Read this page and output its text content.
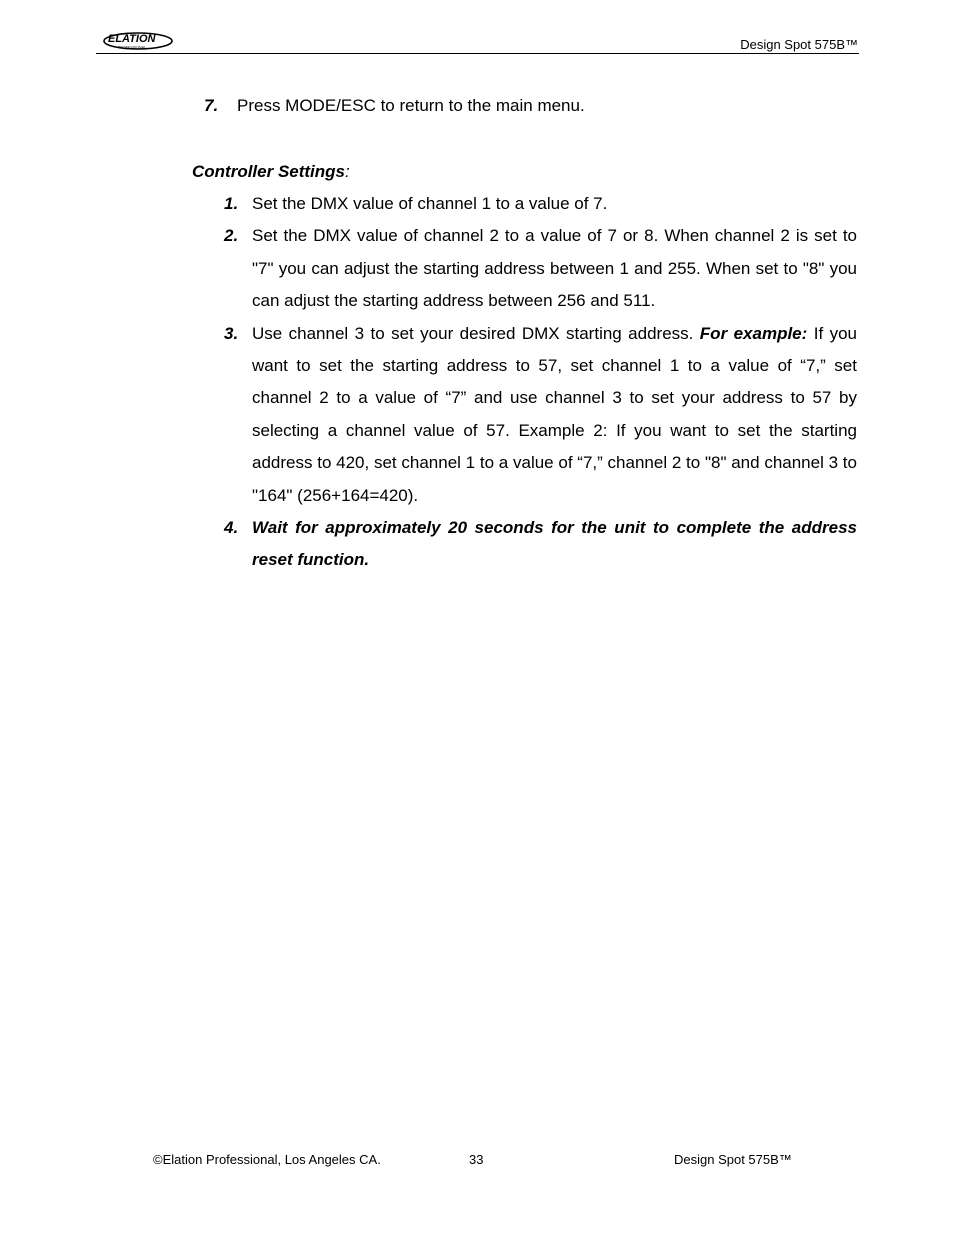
ELATION
PROFESSIONAL	Design Spot 575B™
7. Press MODE/ESC to return to the main menu.
Controller Settings:
1. Set the DMX value of channel 1 to a value of 7.
2. Set the DMX value of channel 2 to a value of 7 or 8. When channel 2 is set to "7" you can adjust the starting address between 1 and 255. When set to "8" you can adjust the starting address between 256 and 511.
3. Use channel 3 to set your desired DMX starting address. For example: If you want to set the starting address to 57, set channel 1 to a value of “7,” set channel 2 to a value of “7” and use channel 3 to set your address to 57 by selecting a channel value of 57. Example 2: If you want to set the starting address to 420, set channel 1 to a value of “7,” channel 2 to "8" and channel 3 to "164" (256+164=420).
4. Wait for approximately 20 seconds for the unit to complete the address reset function.
©Elation Professional, Los Angeles CA.	33	Design Spot 575B™
